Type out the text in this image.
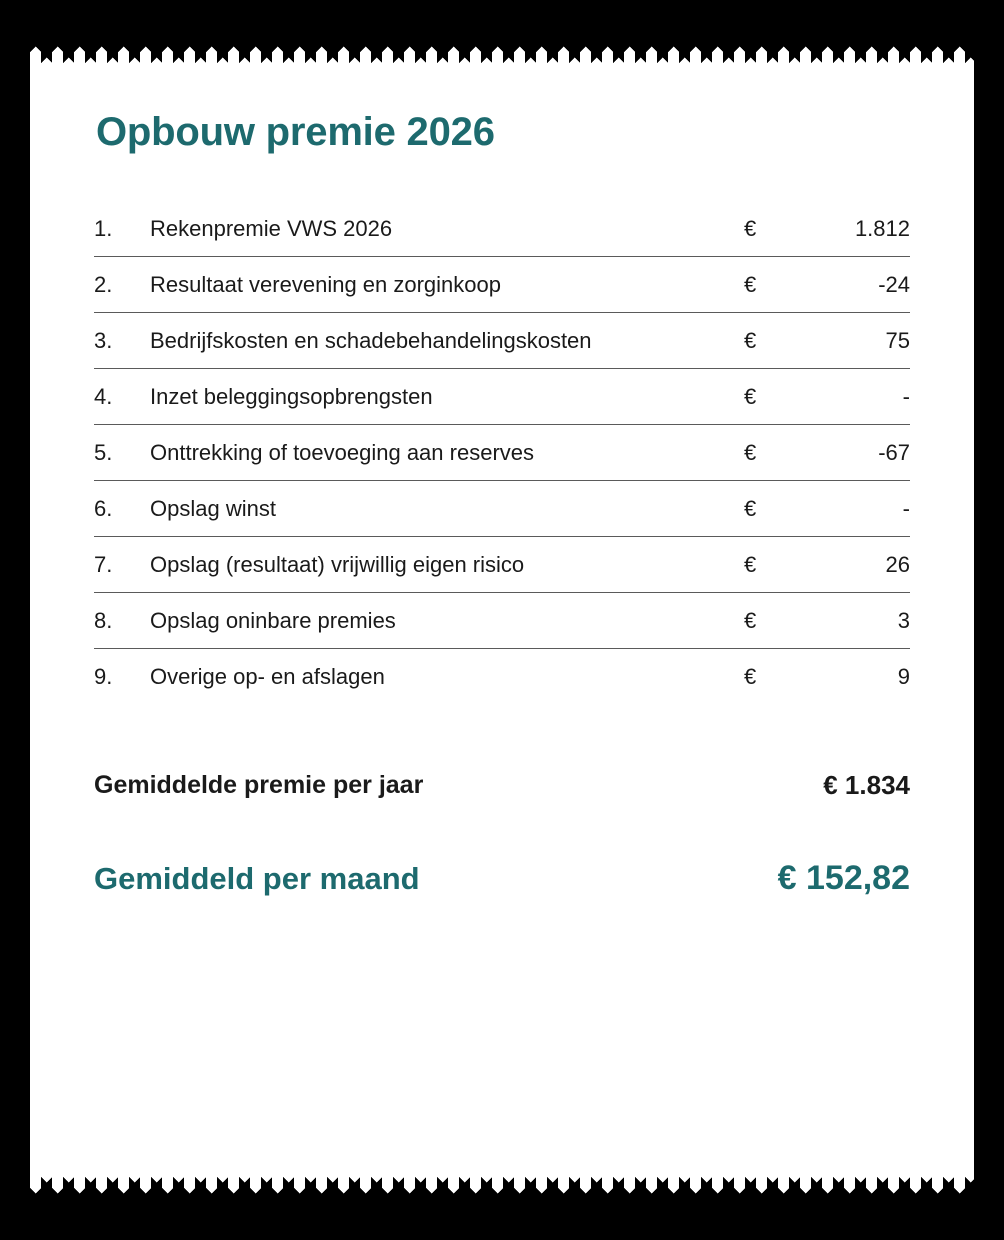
Opbouw premie 2026
1.	Rekenpremie VWS 2026	€	1.812
2.	Resultaat verevening en zorginkoop	€	-24
3.	Bedrijfskosten en schadebehandelingskosten	€	75
4.	Inzet beleggingsopbrengsten	€	-
5.	Onttrekking of toevoeging aan reserves	€	-67
6.	Opslag winst	€	-
7.	Opslag (resultaat) vrijwillig eigen risico	€	26
8.	Opslag oninbare premies	€	3
9.	Overige op- en afslagen	€	9
Gemiddelde premie per jaar	€ 1.834

Gemiddeld per maand	€ 152,82
